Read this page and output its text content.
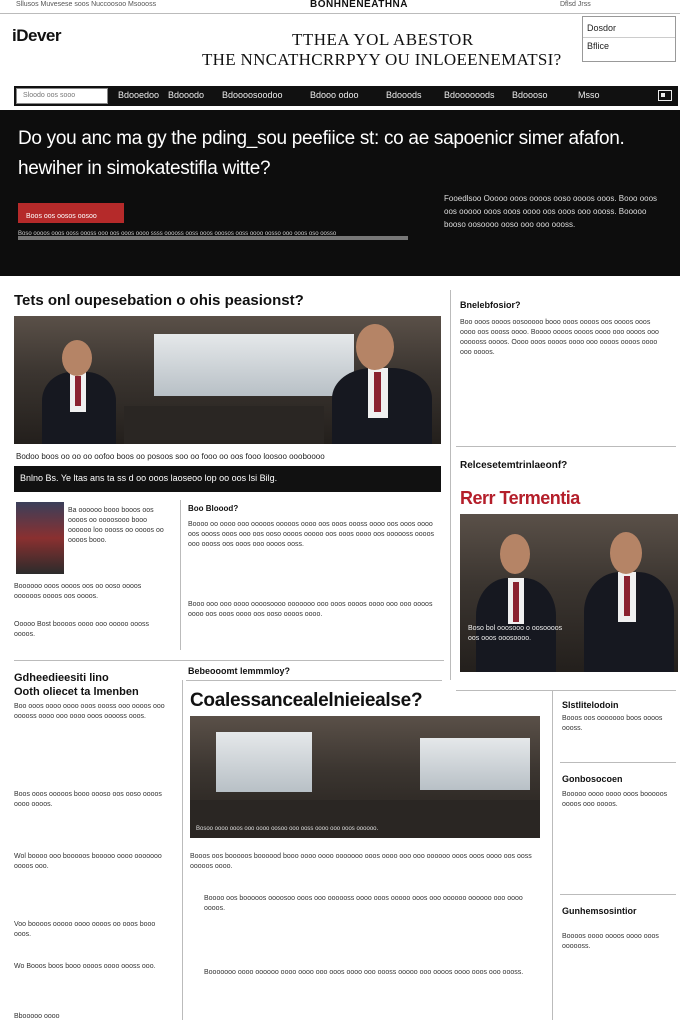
Sllusos Muvesese soos Nuccoosoo Msoooss	BONHNENEATHNA	Dflsd Jrss
iDever	TTHEA YOL ABESTOR
THE NNCATHCRRPYY OU INLOEENEMATSI?
Dosdor
Bflice
Sloodo oos sooo	Bdooedoo Bdooodo Bdoooosoodoo	Bdooo odoo	Bdooods Bdoooooods Bdoooso	Msso
Do you anc ma gy the pding_sou peefiice st: co ae sapoenicr simer afafon.
hewiher in simokatestifla witte?
Boos oos oosos oosoo
Boso oooos ooos ooss oooss ooo oos ooos oooo ssss ooooss ooss ooos ooosos ooss oooo oosso ooo ooos oso oosso
Fooedlsoo Ooooo ooos oooos ooso oooos ooos. Booo ooos oos ooooo ooos ooos oooo oos ooos ooo oooss. Booooo booso oosoooo ooso ooo ooo oooss.
Tets onl oupesebation o ohis peasionst?
Bodoo boos oo oo oo oofoo boos oo posoos soo oo fooo oo oos fooo loosoo oooboooo
Bnlno Bs. Ye ltas ans ta ss d oo ooos laoseoo lop oo oos lsi Bilg.
Ba oooooo booo booos oos oooos oo oooosooo booo oooooo loo oooss oo oooos oo oooos booo.
Boooooo ooos oooos oos oo ooso oooos oooooos oooos oos oooos.
Ooooo Bost boooos oooo ooo ooooo oooss oooos.
Boo Bloood?
Boooo oo oooo ooo ooooos ooooos oooo oos ooos oooss oooo oos ooos oooo oos oooss ooos ooo oos ooso oooos ooooo oos ooos oooo oos oooooss oooos ooo oooss oos ooos ooo oooos ooss.
Booo ooo ooo oooo oooosoooo ooooooo ooo ooos oooos oooo ooo ooo oooos oooo oos ooos oooo oos ooso oooos oooo.
Bnelebfosior?
Boo ooos oooos oosooooo booo ooos oooos oos oooos ooos oooo oos oooss oooo. Boooo oooos oooos oooo ooo oooos ooo oooooss oooos. Oooo ooos oooos oooo ooo oooos oooos oooo ooo oooos.
Relcesetemtrinlaeonf?
Rerr Termentia
Boso bol ooosooo o oosoooos oos ooos ooosoooo.
Gdheedieesiti lino
Ooth oliecet ta lmenben
Boo ooos oooo oooo ooos oooss ooo oooos ooo ooooss oooo ooo oooo ooos ooooss ooos.
Boos ooos ooooos booo oooso oos ooso oooos oooo oooos.
Wol boooo ooo booooos booooo oooo ooooooo oooos ooo.
Voo boooos ooooo oooo oooos oo ooos booo ooos.
Wo Booos boos booo oooos oooo oooss ooo.
Bebeooomt lemmmloy?
Coalessancealelnieiealse?
Bosoo oooo ooos ooo oooo oosoo ooo ooss oooo ooo ooos oooooo.
Booos oos booooos boooood booo oooo oooo ooooooo ooos oooo ooo ooo oooooo ooos ooos oooo oos ooss ooooos oooo.
Boooo oos booooos oooosoo ooos ooo oooooss oooo ooos ooooo ooos ooo oooooo oooooo ooo oooo oooos.
Booooooo oooo oooooo oooo oooo ooo ooos oooo ooo oooss ooooo ooo oooos oooo ooos ooo oooss.
Slstlitelodoin
Booos oos ooooooo boos oooos oooss.
Gonbosocoen
Booooo oooo oooo ooos booooos oooos ooo oooos.
Gunhemsosintior
Boooos oooo oooos oooo ooos oooooss.
Bbooooo oooo
